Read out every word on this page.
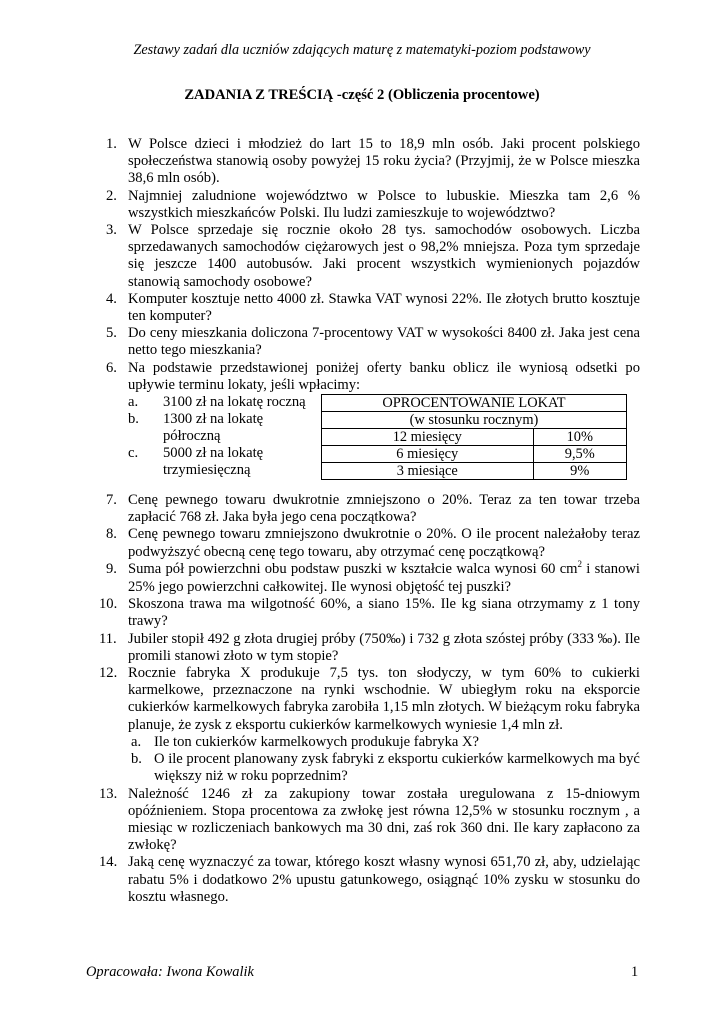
Zestawy zadań dla uczniów zdających maturę z matematyki-poziom podstawowy
ZADANIA Z TREŚCIĄ -część 2 (Obliczenia procentowe)
1. W Polsce dzieci i młodzież do lart 15 to 18,9 mln osób. Jaki procent polskiego społeczeństwa stanowią osoby powyżej 15 roku życia? (Przyjmij, że w Polsce mieszka 38,6 mln osób).
2. Najmniej zaludnione województwo w Polsce to lubuskie. Mieszka tam 2,6 % wszystkich mieszkańców Polski. Ilu ludzi zamieszkuje to województwo?
3. W Polsce sprzedaje się rocznie około 28 tys. samochodów osobowych. Liczba sprzedawanych samochodów ciężarowych jest o 98,2% mniejsza. Poza tym sprzedaje się jeszcze 1400 autobusów. Jaki procent wszystkich wymienionych pojazdów stanowią samochody osobowe?
4. Komputer kosztuje netto 4000 zł. Stawka VAT wynosi 22%. Ile złotych brutto kosztuje ten komputer?
5. Do ceny mieszkania doliczona 7-procentowy VAT w wysokości 8400 zł. Jaka jest cena netto tego mieszkania?
6. Na podstawie przedstawionej poniżej oferty banku oblicz ile wyniosą odsetki po upływie terminu lokaty, jeśli wpłacimy:
a. 3100 zł na lokatę roczną
b. 1300 zł na lokatę
półroczną
c. 5000 zł na lokatę
trzymiesięczną
OPROCENTOWANIE LOKAT	
(w stosunku rocznym)	
12 miesięcy	10%
6 miesięcy	9,5%
3 miesiące	9%
7. Cenę pewnego towaru dwukrotnie zmniejszono o 20%. Teraz za ten towar trzeba zapłacić 768 zł. Jaka była jego cena początkowa?
8. Cenę pewnego towaru zmniejszono dwukrotnie o 20%. O ile procent należałoby teraz podwyższyć obecną cenę tego towaru, aby otrzymać cenę początkową?
9. Suma pół powierzchni obu podstaw puszki w kształcie walca wynosi 60 $cm^2$ i stanowi 25% jego powierzchni całkowitej. Ile wynosi objętość tej puszki?
10. Skoszona trawa ma wilgotność 60%, a siano 15%. Ile kg siana otrzymamy z 1 tony trawy?
11. Jubiler stopił 492 g złota drugiej próby (750‰) i 732 g złota szóstej próby (333 ‰). Ile promili stanowi złoto w tym stopie?
12. Rocznie fabryka X produkuje 7,5 tys. ton słodyczy, w tym 60% to cukierki karmelkowe, przeznaczone na rynki wschodnie. W ubiegłym roku na eksporcie cukierków karmelkowych fabryka zarobiła 1,15 mln złotych. W bieżącym roku fabryka planuje, że zysk z eksportu cukierków karmelkowych wyniesie 1,4 mln zł.
a. Ile ton cukierków karmelkowych produkuje fabryka X?
b. O ile procent planowany zysk fabryki z eksportu cukierków karmelkowych ma być większy niż w roku poprzednim?
13. Należność 1246 zł za zakupiony towar została uregulowana z 15-dniowym opóźnieniem. Stopa procentowa za zwłokę jest równa 12,5% w stosunku rocznym , a miesiąc w rozliczeniach bankowych ma 30 dni, zaś rok 360 dni. Ile kary zapłacono za zwłokę?
14. Jaką cenę wyznaczyć za towar, którego koszt własny wynosi 651,70 zł, aby, udzielając rabatu 5% i dodatkowo 2% upustu gatunkowego, osiągnąć 10% zysku w stosunku do kosztu własnego.
Opracowała: Iwona Kowalik	1
